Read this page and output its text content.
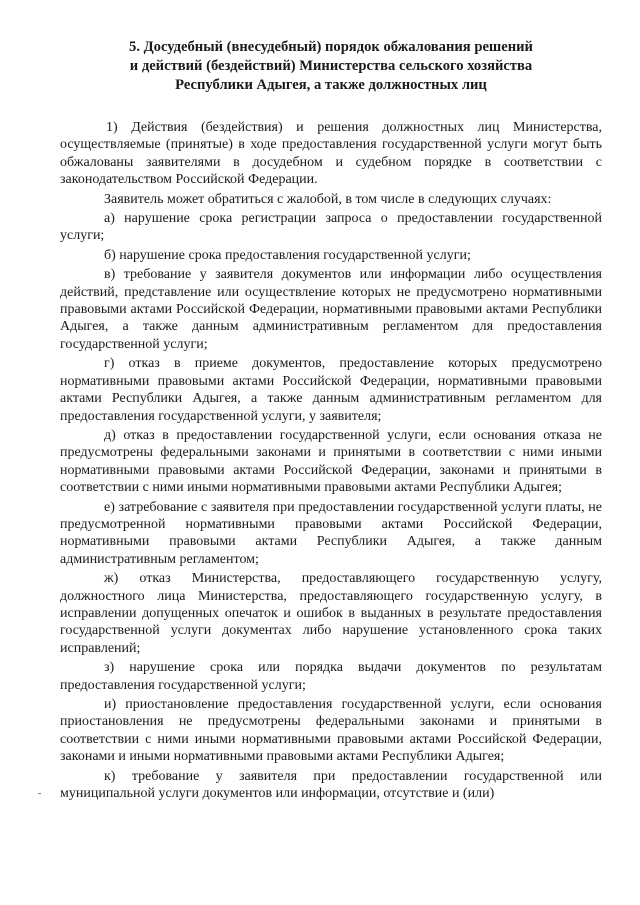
5. Досудебный (внесудебный) порядок обжалования решений
и действий (бездействий) Министерства сельского хозяйства
Республики Адыгея, а также должностных лиц

1) Действия (бездействия) и решения должностных лиц Министерства, осуществляемые (принятые) в ходе предоставления государственной услуги могут быть обжалованы заявителями в досудебном и судебном порядке в соответствии с законодательством Российской Федерации.

Заявитель может обратиться с жалобой, в том числе в следующих случаях:

а) нарушение срока регистрации запроса о предоставлении государственной услуги;

б) нарушение срока предоставления государственной услуги;

в) требование у заявителя документов или информации либо осуществления действий, представление или осуществление которых не предусмотрено нормативными правовыми актами Российской Федерации, нормативными правовыми актами Республики Адыгея, а также данным административным регламентом для предоставления государственной услуги;

г) отказ в приеме документов, предоставление которых предусмотрено нормативными правовыми актами Российской Федерации, нормативными правовыми актами Республики Адыгея, а также данным административным регламентом для предоставления государственной услуги, у заявителя;

д) отказ в предоставлении государственной услуги, если основания отказа не предусмотрены федеральными законами и принятыми в соответствии с ними иными нормативными правовыми актами Российской Федерации, законами и принятыми в соответствии с ними иными нормативными правовыми актами Республики Адыгея;

е) затребование с заявителя при предоставлении государственной услуги платы, не предусмотренной нормативными правовыми актами Российской Федерации, нормативными правовыми актами Республики Адыгея, а также данным административным регламентом;

ж) отказ Министерства, предоставляющего государственную услугу, должностного лица Министерства, предоставляющего государственную услугу, в исправлении допущенных опечаток и ошибок в выданных в результате предоставления государственной услуги документах либо нарушение установленного срока таких исправлений;

з) нарушение срока или порядка выдачи документов по результатам предоставления государственной услуги;

и) приостановление предоставления государственной услуги, если основания приостановления не предусмотрены федеральными законами и принятыми в соответствии с ними иными нормативными правовыми актами Российской Федерации, законами и иными нормативными правовыми актами Республики Адыгея;

к) требование у заявителя при предоставлении государственной или муниципальной услуги документов или информации, отсутствие и (или)

-
